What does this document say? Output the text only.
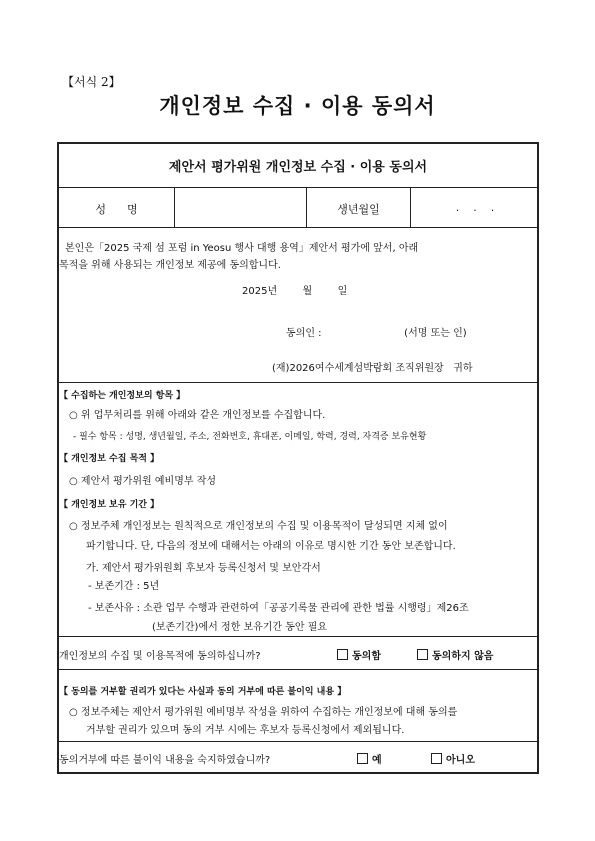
【서식 2】
개인정보 수집 · 이용 동의서
제안서 평가위원 개인정보 수집 · 이용 동의서
성      명	생년월일	.    .    .
본인은「2025 국제 섬 포럼 in Yeosu 행사 대행 용역」제안서 평가에 앞서, 아래
목적을 위해 사용되는 개인정보 제공에 동의합니다.
2025년        월        일
동의인 :                          (서명 또는 인)
(재)2026여수세계섬박람회 조직위원장   귀하
【 수집하는 개인정보의 항목 】
○ 위 업무처리를 위해 아래와 같은 개인정보를 수집합니다.
- 필수 항목 : 성명, 생년월일, 주소, 전화번호, 휴대폰, 이메일, 학력, 경력, 자격증 보유현황
【 개인정보 수집 목적 】
○ 제안서 평가위원 예비명부 작성
【 개인정보 보유 기간 】
○ 정보주체 개인정보는 원칙적으로 개인정보의 수집 및 이용목적이 달성되면 지체 없이
파기합니다. 단, 다음의 정보에 대해서는 아래의 이유로 명시한 기간 동안 보존합니다.
가. 제안서 평가위원회 후보자 등록신청서 및 보안각서
- 보존기간 : 5년
- 보존사유 : 소관 업무 수행과 관련하여「공공기록물 관리에 관한 법률 시행령」제26조
(보존기간)에서 정한 보유기간 동안 필요
개인정보의 수집 및 이용목적에 동의하십니까?	동의함	동의하지 않음
【 동의를 거부할 권리가 있다는 사실과 동의 거부에 따른 불이익 내용 】
○ 정보주체는 제안서 평가위원 예비명부 작성을 위하여 수집하는 개인정보에 대해 동의를
거부할 권리가 있으며 동의 거부 시에는 후보자 등록신청에서 제외됩니다.
동의거부에 따른 불이익 내용을 숙지하였습니까?	예	아니오
